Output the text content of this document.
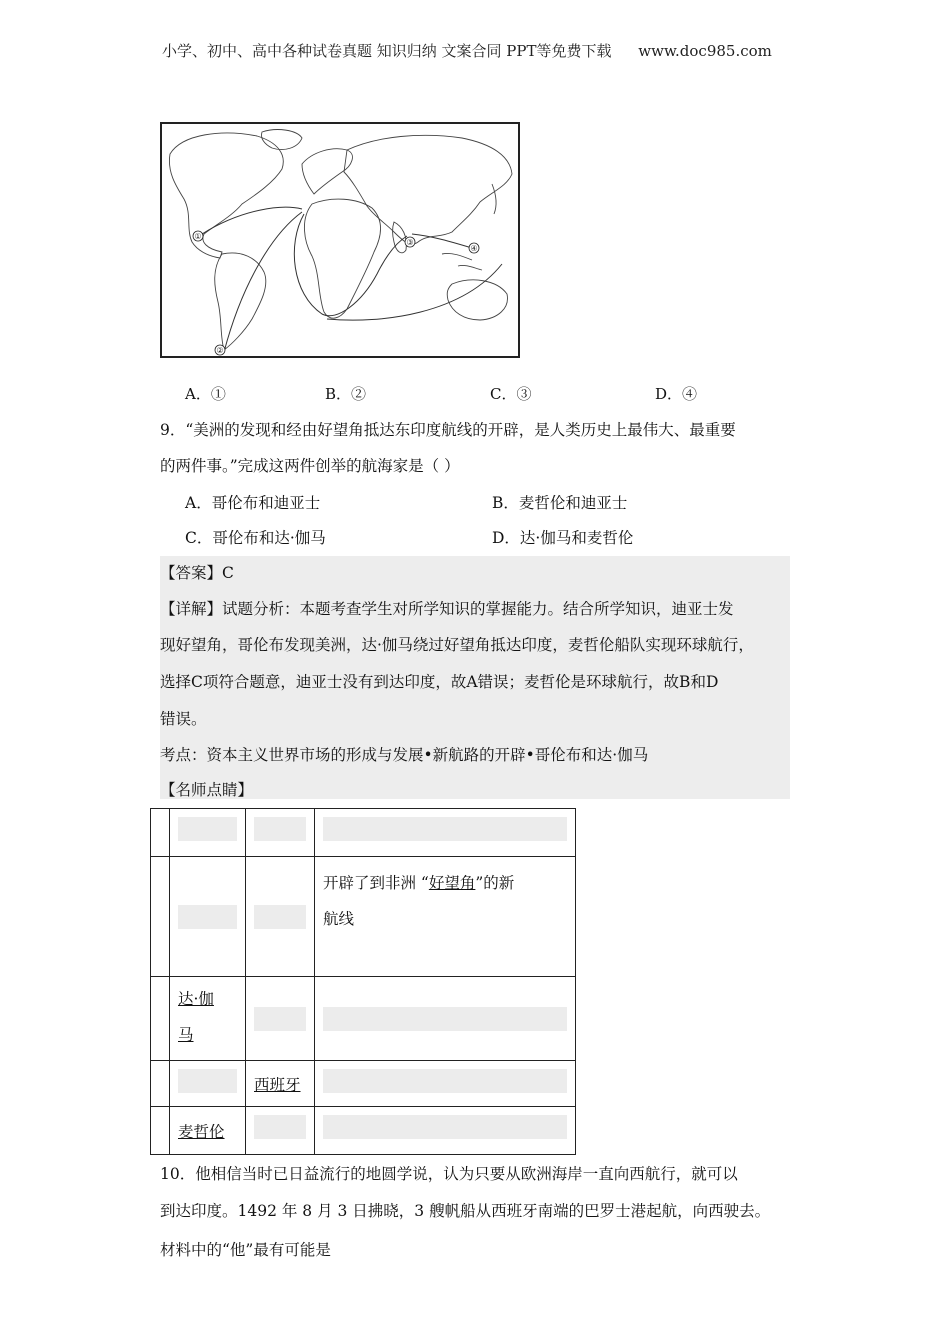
小学、初中、高中各种试卷真题 知识归纳 文案合同 PPT等免费下载 www.doc985.com
①
②
③
④
A．①	B．②	C．③	D．④
9．“美洲的发现和经由好望角抵达东印度航线的开辟，是人类历史上最伟大、最重要
的两件事。”完成这两件创举的航海家是（ ）
A．哥伦布和迪亚士	B．麦哲伦和迪亚士
C．哥伦布和达·伽马	D．达·伽马和麦哲伦
【答案】C
【详解】试题分析：本题考查学生对所学知识的掌握能力。结合所学知识，迪亚士发
现好望角，哥伦布发现美洲，达·伽马绕过好望角抵达印度，麦哲伦船队实现环球航行，
选择C项符合题意，迪亚士没有到达印度，故A错误；麦哲伦是环球航行，故B和D
错误。
考点：资本主义世界市场的形成与发展•新航路的开辟•哥伦布和达·伽马
【名师点睛】

			开辟了到非洲 “好望角”的新
航线

	达·伽
马		

		西班牙	

	麦哲伦		

10．他相信当时已日益流行的地圆学说，认为只要从欧洲海岸一直向西航行，就可以
到达印度。1492 年 8 月 3 日拂晓，3 艘帆船从西班牙南端的巴罗士港起航，向西驶去。
材料中的“他”最有可能是
